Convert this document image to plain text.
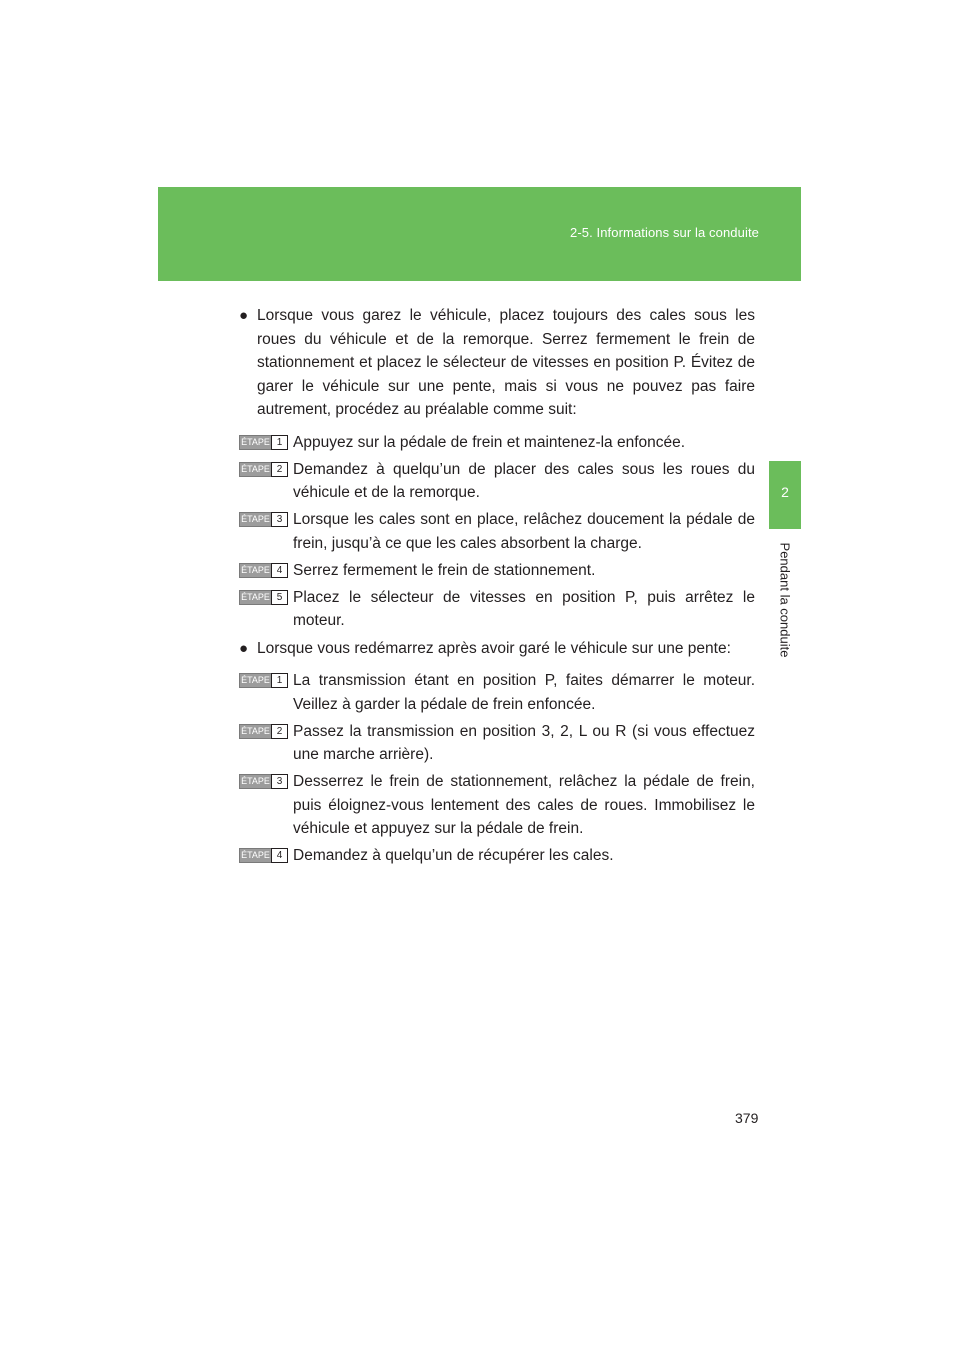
2-5. Informations sur la conduite
2
Pendant la conduite

● Lorsque vous garez le véhicule, placez toujours des cales sous les roues du véhicule et de la remorque. Serrez fermement le frein de stationnement et placez le sélecteur de vitesses en position P. Évitez de garer le véhicule sur une pente, mais si vous ne pouvez pas faire autrement, procédez au préalable comme suit:

ÉTAPE 1 Appuyez sur la pédale de frein et maintenez-la enfoncée.
ÉTAPE 2 Demandez à quelqu’un de placer des cales sous les roues du véhicule et de la remorque.
ÉTAPE 3 Lorsque les cales sont en place, relâchez doucement la pédale de frein, jusqu’à ce que les cales absorbent la charge.
ÉTAPE 4 Serrez fermement le frein de stationnement.
ÉTAPE 5 Placez le sélecteur de vitesses en position P, puis arrêtez le moteur.

● Lorsque vous redémarrez après avoir garé le véhicule sur une pente:

ÉTAPE 1 La transmission étant en position P, faites démarrer le moteur. Veillez à garder la pédale de frein enfoncée.
ÉTAPE 2 Passez la transmission en position 3, 2, L ou R (si vous effectuez une marche arrière).
ÉTAPE 3 Desserrez le frein de stationnement, relâchez la pédale de frein, puis éloignez-vous lentement des cales de roues. Immobilisez le véhicule et appuyez sur la pédale de frein.
ÉTAPE 4 Demandez à quelqu’un de récupérer les cales.
379
